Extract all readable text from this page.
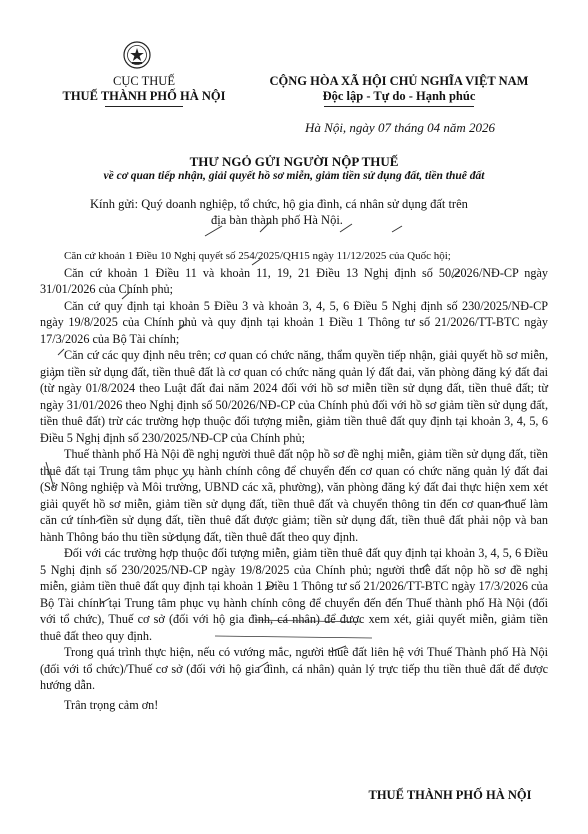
CỤC THUẾ
THUẾ THÀNH PHỐ HÀ NỘI
CỘNG HÒA XÃ HỘI CHỦ NGHĨA VIỆT NAM
Độc lập - Tự do - Hạnh phúc
Hà Nội, ngày 07 tháng 04 năm 2026
THƯ NGỎ GỬI NGƯỜI NỘP THUẾ
về cơ quan tiếp nhận, giải quyết hồ sơ miễn, giảm tiền sử dụng đất, tiền thuê đất
Kính gửi: Quý doanh nghiệp, tổ chức, hộ gia đình, cá nhân sử dụng đất trên
địa bàn thành phố Hà Nội.

Căn cứ khoản 1 Điều 10 Nghị quyết số 254/2025/QH15 ngày 11/12/2025 của Quốc hội;

Căn cứ khoản 1 Điều 11 và khoản 11, 19, 21 Điều 13 Nghị định số 50/2026/NĐ-CP ngày 31/01/2026 của Chính phủ;

Căn cứ quy định tại khoản 5 Điều 3 và khoản 3, 4, 5, 6 Điều 5 Nghị định số 230/2025/NĐ-CP ngày 19/8/2025 của Chính phủ và quy định tại khoản 1 Điều 1 Thông tư số 21/2026/TT-BTC ngày 17/3/2026 của Bộ Tài chính;

Căn cứ các quy định nêu trên; cơ quan có chức năng, thẩm quyền tiếp nhận, giải quyết hồ sơ miễn, giảm tiền sử dụng đất, tiền thuê đất là cơ quan có chức năng quản lý đất đai, văn phòng đăng ký đất đai (từ ngày 01/8/2024 theo Luật đất đai năm 2024 đối với hồ sơ miễn tiền sử dụng đất, tiền thuê đất; từ ngày 31/01/2026 theo Nghị định số 50/2026/NĐ-CP của Chính phủ đối với hồ sơ giảm tiền sử dụng đất, tiền thuê đất) trừ các trường hợp thuộc đối tượng miễn, giảm tiền thuê đất quy định tại khoản 3, 4, 5, 6 Điều 5 Nghị định số 230/2025/NĐ-CP của Chính phủ;

Thuế thành phố Hà Nội đề nghị người thuê đất nộp hồ sơ đề nghị miễn, giảm tiền sử dụng đất, tiền thuê đất tại Trung tâm phục vụ hành chính công để chuyển đến cơ quan có chức năng quản lý đất đai (Sở Nông nghiệp và Môi trường, UBND các xã, phường), văn phòng đăng ký đất đai thực hiện xem xét giải quyết hồ sơ miễn, giảm tiền sử dụng đất, tiền thuê đất và chuyển thông tin đến cơ quan thuế làm căn cứ tính tiền sử dụng đất, tiền thuê đất được giảm; tiền sử dụng đất, tiền thuê đất phải nộp và ban hành Thông báo thu tiền sử dụng đất, tiền thuê đất theo quy định.

Đối với các trường hợp thuộc đối tượng miễn, giảm tiền thuê đất quy định tại khoản 3, 4, 5, 6 Điều 5 Nghị định số 230/2025/NĐ-CP ngày 19/8/2025 của Chính phủ; người thuê đất nộp hồ sơ đề nghị miễn, giảm tiền thuê đất quy định tại khoản 1 Điều 1 Thông tư số 21/2026/TT-BTC ngày 17/3/2026 của Bộ Tài chính tại Trung tâm phục vụ hành chính công để chuyển đến đến Thuế thành phố Hà Nội (đối với tổ chức), Thuế cơ sở (đối với hộ gia đình, cá nhân) để được xem xét, giải quyết miễn, giảm tiền thuê đất theo quy định.

Trong quá trình thực hiện, nếu có vướng mắc, người thuê đất liên hệ với Thuế Thành phố Hà Nội (đối với tổ chức)/Thuế cơ sở (đối với hộ gia đình, cá nhân) quản lý trực tiếp thu tiền thuê đất để được hướng dẫn.

Trân trọng cảm ơn!

THUẾ THÀNH PHỐ HÀ NỘI
